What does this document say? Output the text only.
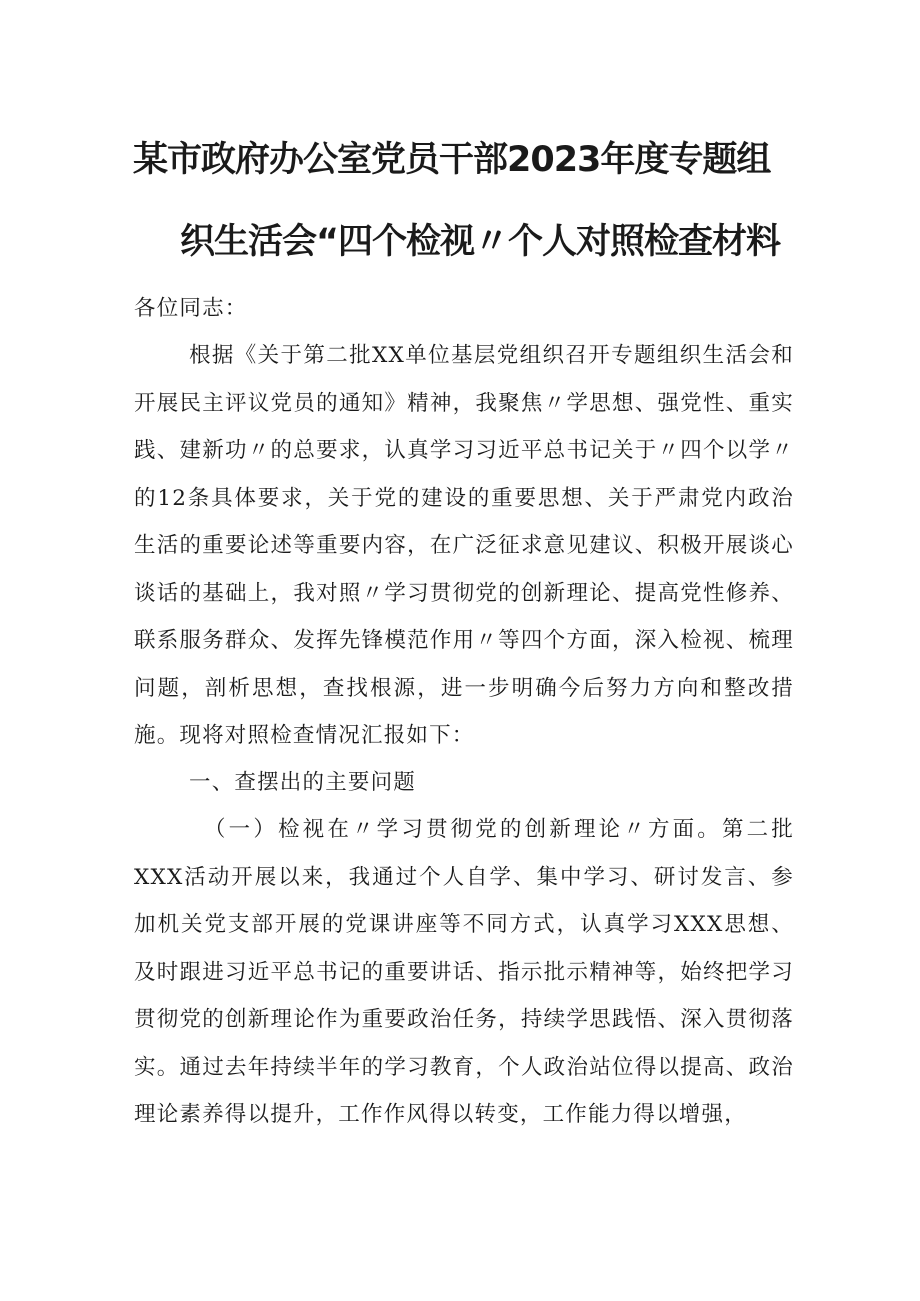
某市政府办公室党员干部2023年度专题组
织生活会“四个检视〃个人对照检查材料
各位同志：
根据《关于第二批XX单位基层党组织召开专题组织生活会和开展民主评议党员的通知》精神，我聚焦〃学思想、强党性、重实践、建新功〃的总要求，认真学习习近平总书记关于〃四个以学〃的12条具体要求，关于党的建设的重要思想、关于严肃党内政治生活的重要论述等重要内容，在广泛征求意见建议、积极开展谈心谈话的基础上，我对照〃学习贯彻党的创新理论、提高党性修养、联系服务群众、发挥先锋模范作用〃等四个方面，深入检视、梳理问题，剖析思想，查找根源，进一步明确今后努力方向和整改措施。现将对照检查情况汇报如下：
一、查摆出的主要问题
（一）检视在〃学习贯彻党的创新理论〃方面。第二批XXX活动开展以来，我通过个人自学、集中学习、研讨发言、参加机关党支部开展的党课讲座等不同方式，认真学习XXX思想、及时跟进习近平总书记的重要讲话、指示批示精神等，始终把学习贯彻党的创新理论作为重要政治任务，持续学思践悟、深入贯彻落实。通过去年持续半年的学习教育，个人政治站位得以提高、政治理论素养得以提升，工作作风得以转变，工作能力得以增强，
